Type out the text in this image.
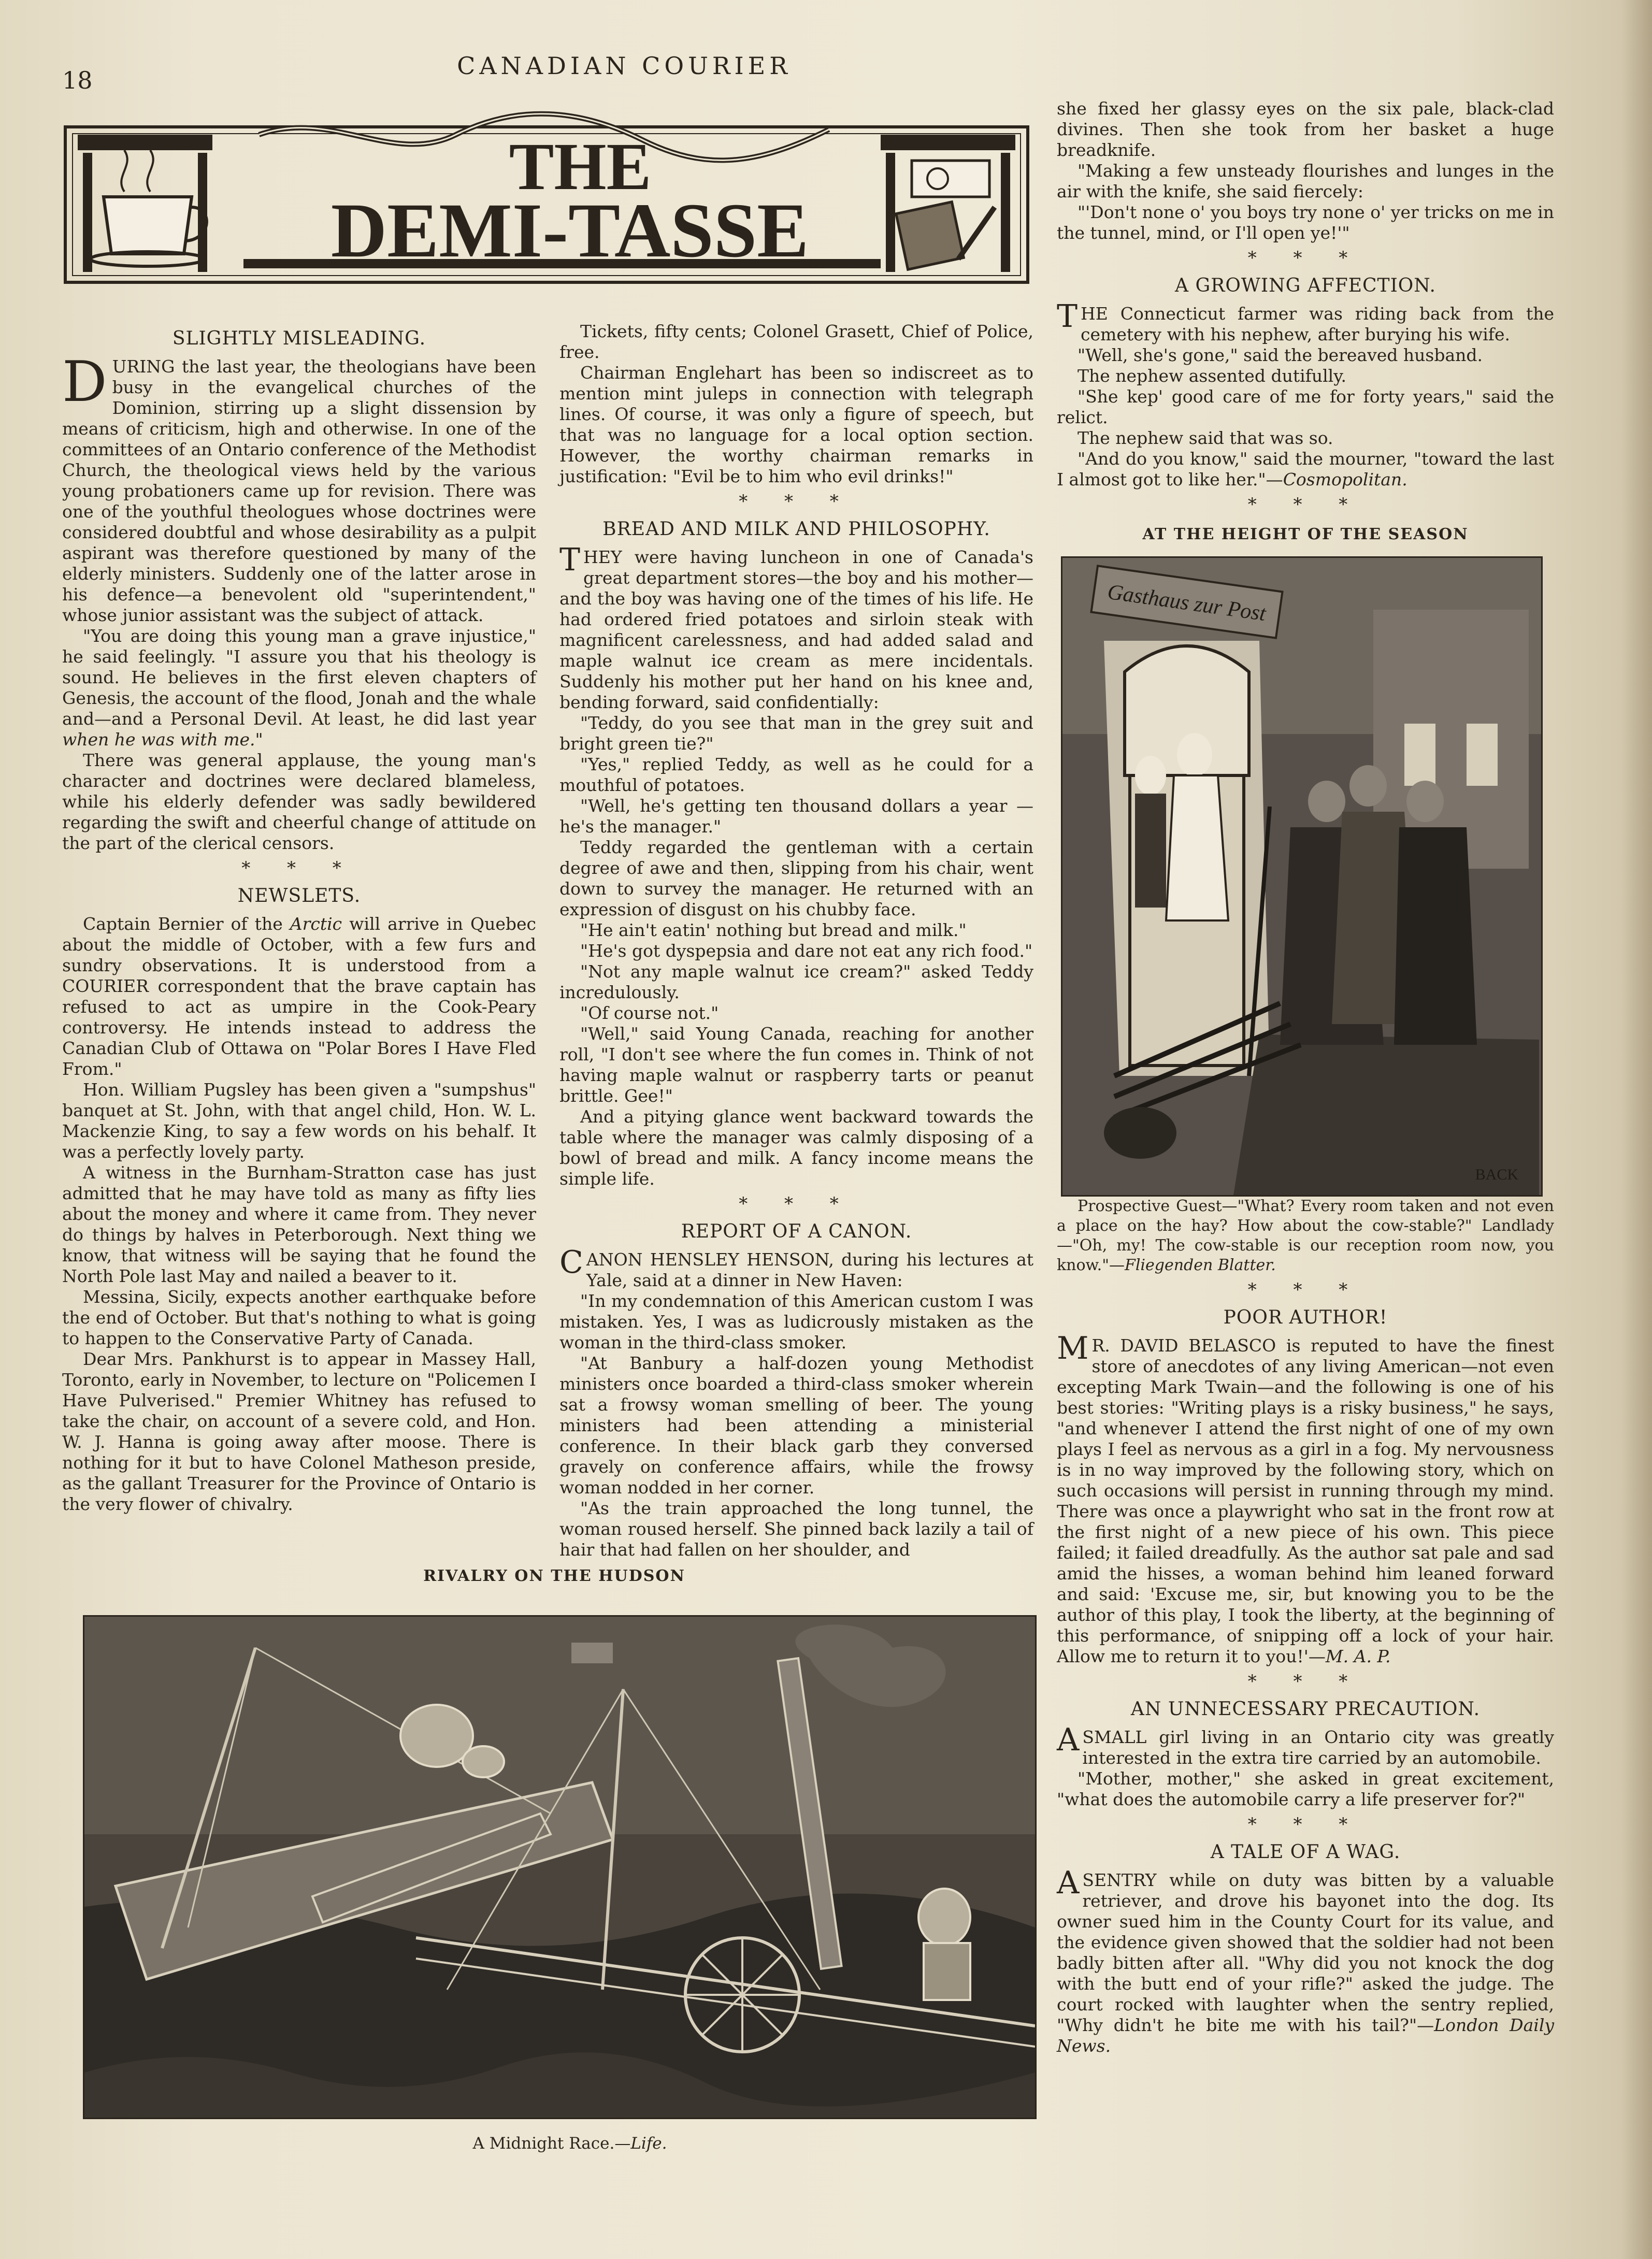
18
CANADIAN COURIER
THE
DEMI-TASSE
SLIGHTLY MISLEADING.

DURING the last year, the theologians have been busy in the evangelical churches of the Dominion, stirring up a slight dissension by means of criticism, high and otherwise. In one of the committees of an Ontario conference of the Methodist Church, the theological views held by the various young probationers came up for revision. There was one of the youthful theologues whose doctrines were considered doubtful and whose desirability as a pulpit aspirant was therefore questioned by many of the elderly ministers. Suddenly one of the latter arose in his defence—a benevolent old "superintendent," whose junior assistant was the subject of attack.

"You are doing this young man a grave injustice," he said feelingly. "I assure you that his theology is sound. He believes in the first eleven chapters of Genesis, the account of the flood, Jonah and the whale and—and a Personal Devil. At least, he did last year when he was with me."

There was general applause, the young man's character and doctrines were declared blameless, while his elderly defender was sadly bewildered regarding the swift and cheerful change of attitude on the part of the clerical censors.

* * *
NEWSLETS.

Captain Bernier of the Arctic will arrive in Quebec about the middle of October, with a few furs and sundry observations. It is understood from a COURIER correspondent that the brave captain has refused to act as umpire in the Cook-Peary controversy. He intends instead to address the Canadian Club of Ottawa on "Polar Bores I Have Fled From."

Hon. William Pugsley has been given a "sumpshus" banquet at St. John, with that angel child, Hon. W. L. Mackenzie King, to say a few words on his behalf. It was a perfectly lovely party.

A witness in the Burnham-Stratton case has just admitted that he may have told as many as fifty lies about the money and where it came from. They never do things by halves in Peterborough. Next thing we know, that witness will be saying that he found the North Pole last May and nailed a beaver to it.

Messina, Sicily, expects another earthquake before the end of October. But that's nothing to what is going to happen to the Conservative Party of Canada.

Dear Mrs. Pankhurst is to appear in Massey Hall, Toronto, early in November, to lecture on "Policemen I Have Pulverised." Premier Whitney has refused to take the chair, on account of a severe cold, and Hon. W. J. Hanna is going away after moose. There is nothing for it but to have Colonel Matheson preside, as the gallant Treasurer for the Province of Ontario is the very flower of chivalry.

Tickets, fifty cents; Colonel Grasett, Chief of Police, free.

Chairman Englehart has been so indiscreet as to mention mint juleps in connection with telegraph lines. Of course, it was only a figure of speech, but that was no language for a local option section. However, the worthy chairman remarks in justification: "Evil be to him who evil drinks!"

* * *
BREAD AND MILK AND PHILOSOPHY.

THEY were having luncheon in one of Canada's great department stores—the boy and his mother—and the boy was having one of the times of his life. He had ordered fried potatoes and sirloin steak with magnificent carelessness, and had added salad and maple walnut ice cream as mere incidentals. Suddenly his mother put her hand on his knee and, bending forward, said confidentially:

"Teddy, do you see that man in the grey suit and bright green tie?"

"Yes," replied Teddy, as well as he could for a mouthful of potatoes.

"Well, he's getting ten thousand dollars a year —he's the manager."

Teddy regarded the gentleman with a certain degree of awe and then, slipping from his chair, went down to survey the manager. He returned with an expression of disgust on his chubby face.

"He ain't eatin' nothing but bread and milk."

"He's got dyspepsia and dare not eat any rich food."

"Not any maple walnut ice cream?" asked Teddy incredulously.

"Of course not."

"Well," said Young Canada, reaching for another roll, "I don't see where the fun comes in. Think of not having maple walnut or raspberry tarts or peanut brittle. Gee!"

And a pitying glance went backward towards the table where the manager was calmly disposing of a bowl of bread and milk. A fancy income means the simple life.

* * *
REPORT OF A CANON.

CANON HENSLEY HENSON, during his lectures at Yale, said at a dinner in New Haven:

"In my condemnation of this American custom I was mistaken. Yes, I was as ludicrously mistaken as the woman in the third-class smoker.

"At Banbury a half-dozen young Methodist ministers once boarded a third-class smoker wherein sat a frowsy woman smelling of beer. The young ministers had been attending a ministerial conference. In their black garb they conversed gravely on conference affairs, while the frowsy woman nodded in her corner.

"As the train approached the long tunnel, the woman roused herself. She pinned back lazily a tail of hair that had fallen on her shoulder, and

she fixed her glassy eyes on the six pale, black-clad divines. Then she took from her basket a huge breadknife.

"Making a few unsteady flourishes and lunges in the air with the knife, she said fiercely:

"'Don't none o' you boys try none o' yer tricks on me in the tunnel, mind, or I'll open ye!'"

* * *
A GROWING AFFECTION.

THE Connecticut farmer was riding back from the cemetery with his nephew, after burying his wife.

"Well, she's gone," said the bereaved husband.

The nephew assented dutifully.

"She kep' good care of me for forty years," said the relict.

The nephew said that was so.

"And do you know," said the mourner, "toward the last I almost got to like her."—Cosmopolitan.

* * *
AT THE HEIGHT OF THE SEASON
Gasthaus zur Post
BACK

Prospective Guest—"What? Every room taken and not even a place on the hay? How about the cow-stable?" Landlady—"Oh, my! The cow-stable is our reception room now, you know."—Fliegenden Blatter.

* * *
POOR AUTHOR!

M R. DAVID BELASCO is reputed to have the finest store of anecdotes of any living American—not even excepting Mark Twain—and the following is one of his best stories: "Writing plays is a risky business," he says, "and whenever I attend the first night of one of my own plays I feel as nervous as a girl in a fog. My nervousness is in no way improved by the following story, which on such occasions will persist in running through my mind. There was once a playwright who sat in the front row at the first night of a new piece of his own. This piece failed; it failed dreadfully. As the author sat pale and sad amid the hisses, a woman behind him leaned forward and said: 'Excuse me, sir, but knowing you to be the author of this play, I took the liberty, at the beginning of this performance, of snipping off a lock of your hair. Allow me to return it to you!'—M. A. P.

* * *
AN UNNECESSARY PRECAUTION.

ASMALL girl living in an Ontario city was greatly interested in the extra tire carried by an automobile.

"Mother, mother," she asked in great excitement, "what does the automobile carry a life preserver for?"

* * *
A TALE OF A WAG.

ASENTRY while on duty was bitten by a valuable retriever, and drove his bayonet into the dog. Its owner sued him in the County Court for its value, and the evidence given showed that the soldier had not been badly bitten after all. "Why did you not knock the dog with the butt end of your rifle?" asked the judge. The court rocked with laughter when the sentry replied, "Why didn't he bite me with his tail?"—London Daily News.

RIVALRY ON THE HUDSON
A Midnight Race.—Life.
